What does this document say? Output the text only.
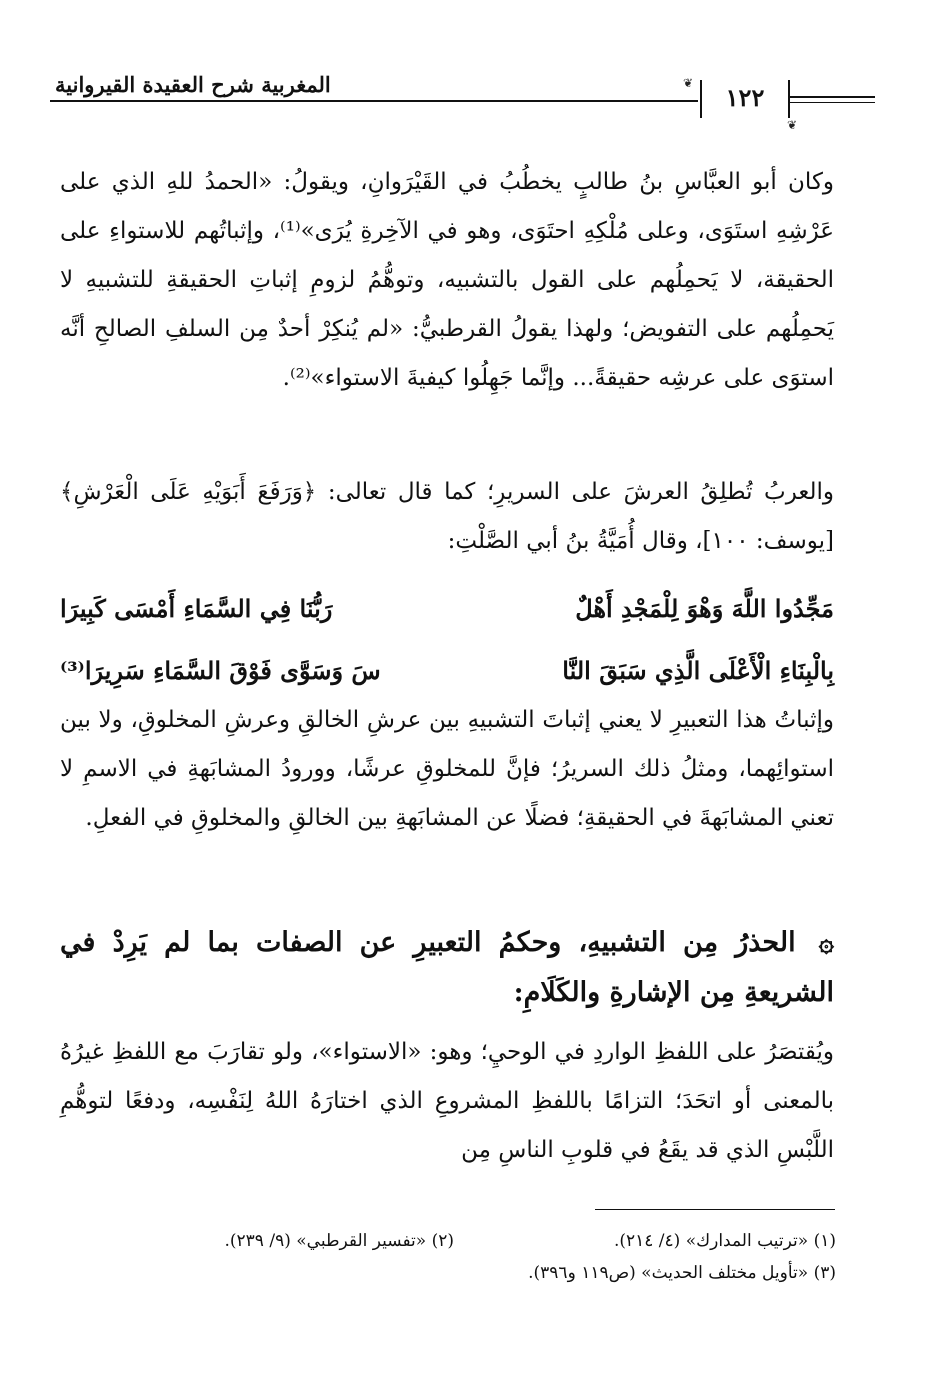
المغربية شرح العقيدة القيروانية	١٢٢
❦
❦

وكان أبو العبَّاسِ بنُ طالبٍ يخطُبُ في القَيْرَوانِ، ويقولُ: «الحمدُ للهِ الذي على عَرْشِهِ استَوَى، وعلى مُلْكِهِ احتَوَى، وهو في الآخِرةِ يُرَى»⁽¹⁾، وإثباتُهم للاستواءِ على الحقيقة، لا يَحمِلُهم على القول بالتشبيه، وتوهُّمُ لزومِ إثباتِ الحقيقةِ للتشبيهِ لا يَحمِلُهم على التفويض؛ ولهذا يقولُ القرطبيُّ: «لم يُنكِرْ أحدٌ مِن السلفِ الصالحِ أنَّه استوَى على عرشِه حقيقةً... وإنَّما جَهِلُوا كيفيةَ الاستواء»⁽²⁾.

والعربُ تُطلِقُ العرشَ على السريرِ؛ كما قال تعالى: ﴿وَرَفَعَ أَبَوَيْهِ عَلَى الْعَرْشِ﴾ [يوسف: ١٠٠]، وقال أُمَيَّةُ بنُ أبي الصَّلْتِ:

مَجِّدُوا اللَّهَ وَهْوَ لِلْمَجْدِ أَهْلٌ
رَبُّنَا فِي السَّمَاءِ أَمْسَى كَبِيرَا
بِالْبِنَاءِ الْأَعْلَى الَّذِي سَبَقَ النَّا
سَ وَسَوَّى فَوْقَ السَّمَاءِ سَرِيرَا⁽³⁾

وإثباتُ هذا التعبيرِ لا يعني إثباتَ التشبيهِ بين عرشِ الخالقِ وعرشِ المخلوقِ، ولا بين استوائِهما، ومثلُ ذلك السريرُ؛ فإنَّ للمخلوقِ عرشًا، وورودُ المشابَهةِ في الاسمِ لا تعني المشابَهةَ في الحقيقةِ؛ فضلًا عن المشابَهةِ بين الخالقِ والمخلوقِ في الفعلِ.

۞ الحذرُ مِن التشبيهِ، وحكمُ التعبيرِ عن الصفات بما لم يَرِدْ في الشريعةِ مِن الإشارةِ والكَلَامِ:

ويُقتصَرُ على اللفظِ الواردِ في الوحيِ؛ وهو: «الاستواء»، ولو تقارَبَ مع اللفظِ غيرُهُ بالمعنى أو اتحَدَ؛ التزامًا باللفظِ المشروعِ الذي اختارَهُ اللهُ لِنَفْسِه، ودفعًا لتوهُّمِ اللَّبْسِ الذي قد يقَعُ في قلوبِ الناسِ مِن

(١) «ترتيب المدارك» (٤/ ٢١٤).
(٢) «تفسير القرطبي» (٩/ ٢٣٩).
(٣) «تأويل مختلف الحديث» (ص١١٩ و٣٩٦).
